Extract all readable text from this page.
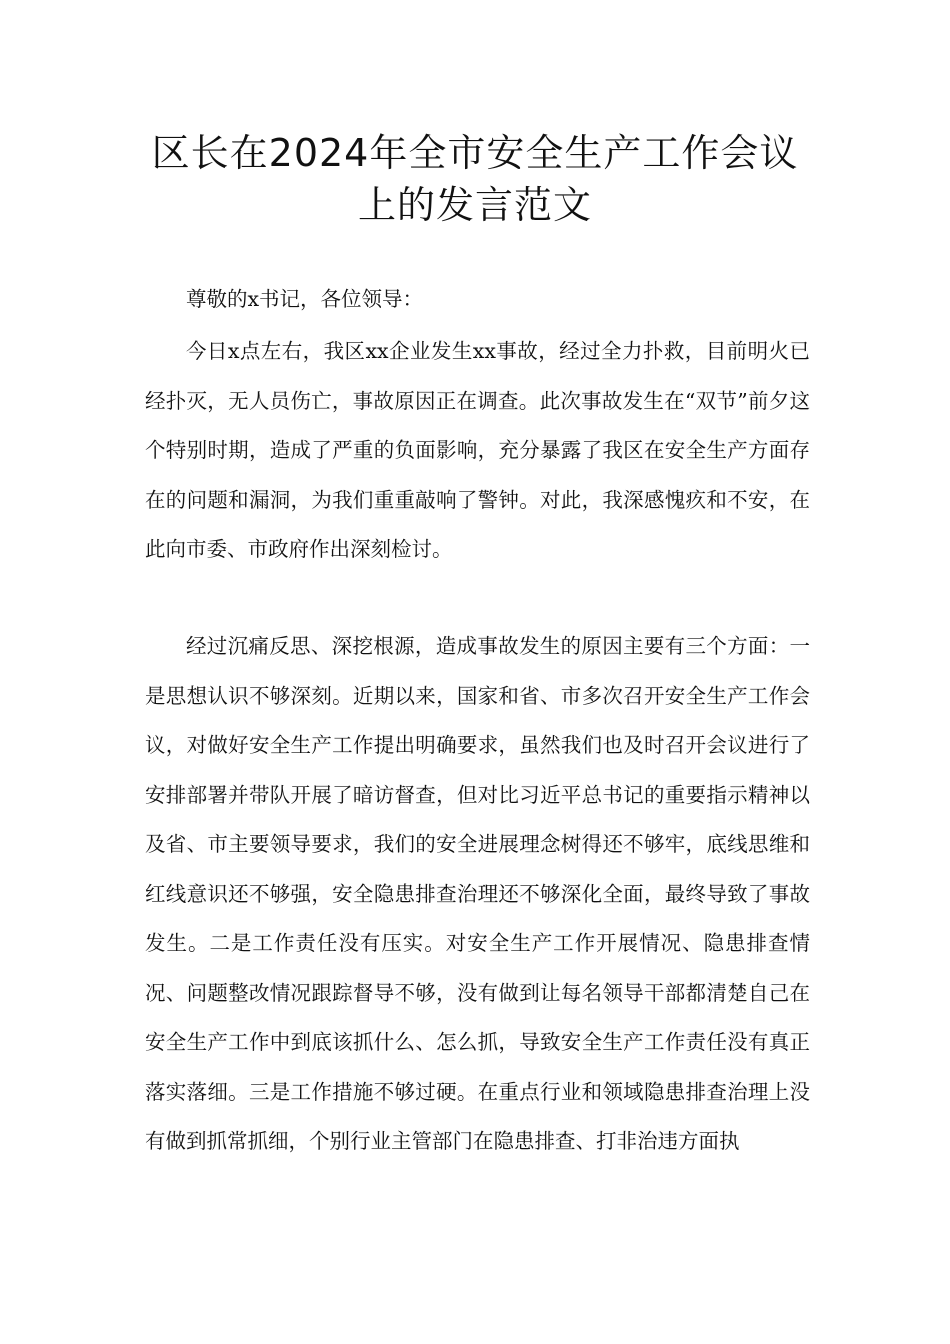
区长在2024年全市安全生产工作会议
上的发言范文

尊敬的x书记，各位领导：

今日x点左右，我区xx企业发生xx事故，经过全力扑救，目前明火已经扑灭，无人员伤亡，事故原因正在调查。此次事故发生在“双节”前夕这个特别时期，造成了严重的负面影响，充分暴露了我区在安全生产方面存在的问题和漏洞，为我们重重敲响了警钟。对此，我深感愧疚和不安，在此向市委、市政府作出深刻检讨。

经过沉痛反思、深挖根源，造成事故发生的原因主要有三个方面：一是思想认识不够深刻。近期以来，国家和省、市多次召开安全生产工作会议，对做好安全生产工作提出明确要求，虽然我们也及时召开会议进行了安排部署并带队开展了暗访督查，但对比习近平总书记的重要指示精神以及省、市主要领导要求，我们的安全进展理念树得还不够牢，底线思维和红线意识还不够强，安全隐患排查治理还不够深化全面，最终导致了事故发生。二是工作责任没有压实。对安全生产工作开展情况、隐患排查情况、问题整改情况跟踪督导不够，没有做到让每名领导干部都清楚自己在安全生产工作中到底该抓什么、怎么抓，导致安全生产工作责任没有真正落实落细。三是工作措施不够过硬。在重点行业和领域隐患排查治理上没有做到抓常抓细，个别行业主管部门在隐患排查、打非治违方面执
